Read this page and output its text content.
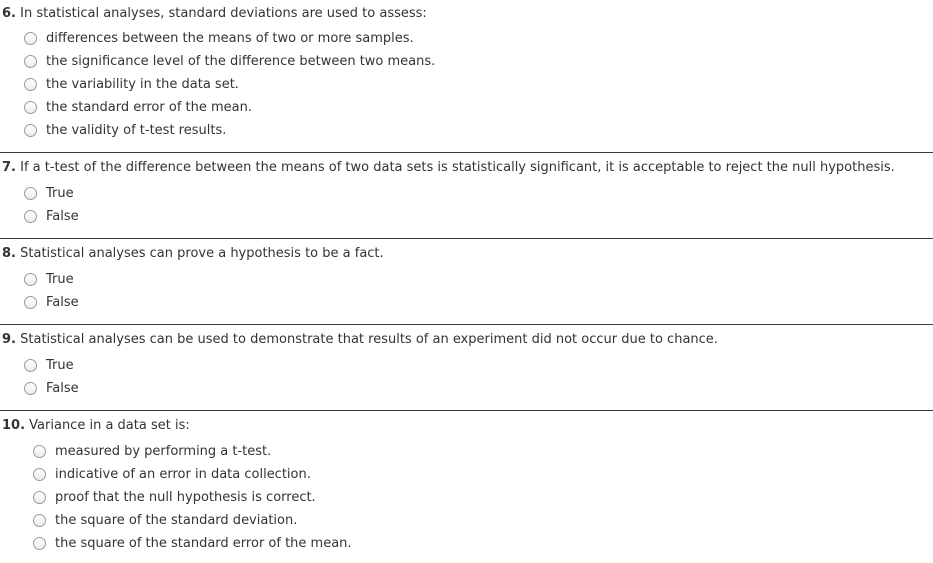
6. In statistical analyses, standard deviations are used to assess:
differences between the means of two or more samples.
the significance level of the difference between two means.
the variability in the data set.
the standard error of the mean.
the validity of t-test results.
7. If a t-test of the difference between the means of two data sets is statistically significant, it is acceptable to reject the null hypothesis.
True
False
8. Statistical analyses can prove a hypothesis to be a fact.
True
False
9. Statistical analyses can be used to demonstrate that results of an experiment did not occur due to chance.
True
False
10. Variance in a data set is:
measured by performing a t-test.
indicative of an error in data collection.
proof that the null hypothesis is correct.
the square of the standard deviation.
the square of the standard error of the mean.
